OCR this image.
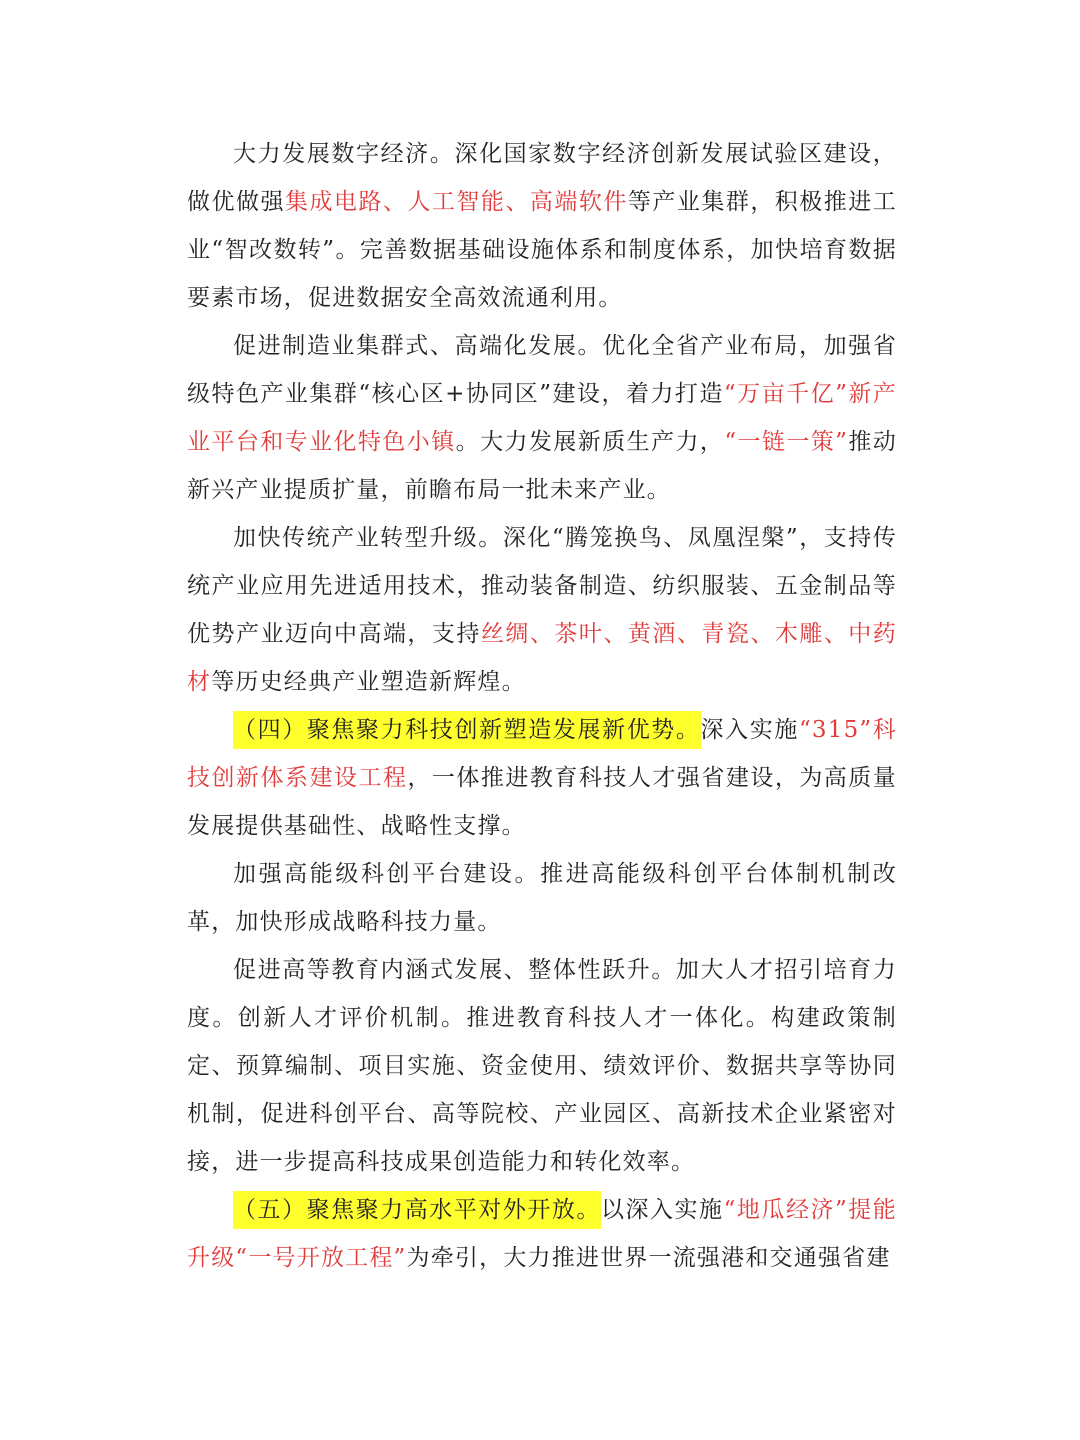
大力发展数字经济。深化国家数字经济创新发展试验区建设，做优做强集成电路、人工智能、高端软件等产业集群，积极推进工业“智改数转”。完善数据基础设施体系和制度体系，加快培育数据要素市场，促进数据安全高效流通利用。

促进制造业集群式、高端化发展。优化全省产业布局，加强省级特色产业集群“核心区+协同区”建设，着力打造“万亩千亿”新产业平台和专业化特色小镇。大力发展新质生产力，“一链一策”推动新兴产业提质扩量，前瞻布局一批未来产业。

加快传统产业转型升级。深化“腾笼换鸟、凤凰涅槃”，支持传统产业应用先进适用技术，推动装备制造、纺织服装、五金制品等优势产业迈向中高端，支持丝绸、茶叶、黄酒、青瓷、木雕、中药材等历史经典产业塑造新辉煌。

（四）聚焦聚力科技创新塑造发展新优势。深入实施“315”科技创新体系建设工程，一体推进教育科技人才强省建设，为高质量发展提供基础性、战略性支撑。

加强高能级科创平台建设。推进高能级科创平台体制机制改革，加快形成战略科技力量。

促进高等教育内涵式发展、整体性跃升。加大人才招引培育力度。创新人才评价机制。推进教育科技人才一体化。构建政策制定、预算编制、项目实施、资金使用、绩效评价、数据共享等协同机制，促进科创平台、高等院校、产业园区、高新技术企业紧密对接，进一步提高科技成果创造能力和转化效率。

（五）聚焦聚力高水平对外开放。以深入实施“地瓜经济”提能升级“一号开放工程”为牵引，大力推进世界一流强港和交通强省建
